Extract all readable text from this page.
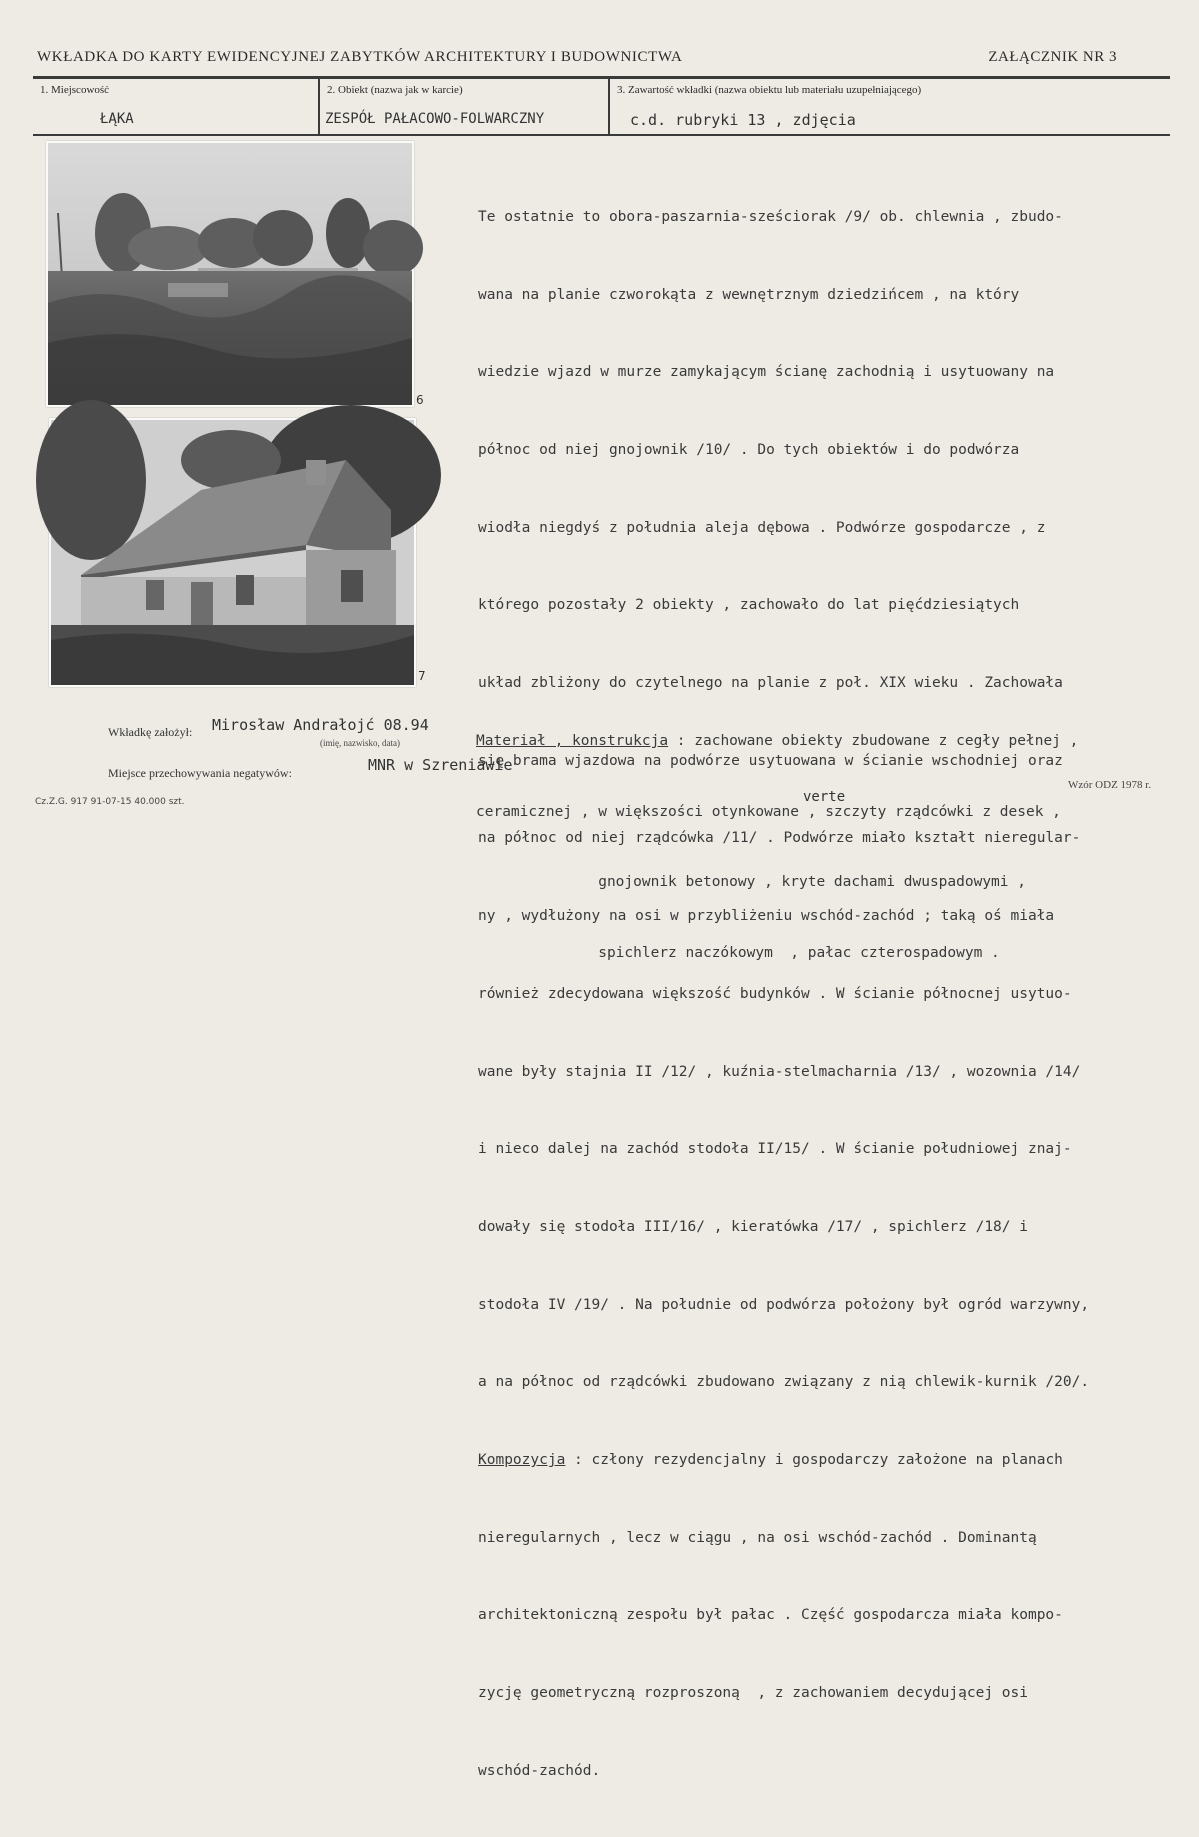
WKŁADKA DO KARTY EWIDENCYJNEJ ZABYTKÓW ARCHITEKTURY I BUDOWNICTWA	ZAŁĄCZNIK NR 3
1. Miejscowość
ŁĄKA
2. Obiekt (nazwa jak w karcie)
ZESPÓŁ PAŁACOWO-FOLWARCZNY
3. Zawartość wkładki (nazwa obiektu lub materiału uzupełniającego)
c.d. rubryki 13 , zdjęcia
6
7

Te ostatnie to obora-paszarnia-sześciorak /9/ ob. chlewnia , zbudo-

wana na planie czworokąta z wewnętrznym dziedzińcem , na który

wiedzie wjazd w murze zamykającym ścianę zachodnią i usytuowany na

północ od niej gnojownik /10/ . Do tych obiektów i do podwórza

wiodła niegdyś z południa aleja dębowa . Podwórze gospodarcze , z

którego pozostały 2 obiekty , zachowało do lat pięćdziesiątych

układ zbliżony do czytelnego na planie z poł. XIX wieku . Zachowała

się brama wjazdowa na podwórze usytuowana w ścianie wschodniej oraz

na północ od niej rządcówka /11/ . Podwórze miało kształt nieregular-

ny , wydłużony na osi w przybliżeniu wschód-zachód ; taką oś miała

również zdecydowana większość budynków . W ścianie północnej usytuo-

wane były stajnia II /12/ , kuźnia-stelmacharnia /13/ , wozownia /14/

i nieco dalej na zachód stodoła II/15/ . W ścianie południowej znaj-

dowały się stodoła III/16/ , kieratówka /17/ , spichlerz /18/ i

stodoła IV /19/ . Na południe od podwórza położony był ogród warzywny,

a na północ od rządcówki zbudowano związany z nią chlewik-kurnik /20/.

Kompozycja : człony rezydencjalny i gospodarczy założone na planach

nieregularnych , lecz w ciągu , na osi wschód-zachód . Dominantą

architektoniczną zespołu był pałac . Część gospodarcza miała kompo-

zycję geometryczną rozproszoną  , z zachowaniem decydującej osi

wschód-zachód.

Materiał , konstrukcja : zachowane obiekty zbudowane z cegły pełnej ,

ceramicznej , w większości otynkowane , szczyty rządcówki z desek ,

gnojownik betonowy , kryte dachami dwuspadowymi ,

spichlerz naczókowym  , pałac czterospadowym .

Wkładkę założył: Mirosław Andrałojć 08.94
(imię, nazwisko, data)
Miejsce przechowywania negatywów:	MNR w Szreniawie
Cz.Z.G. 917 91-07-15 40.000 szt.
Wzór ODZ 1978 r.
verte
